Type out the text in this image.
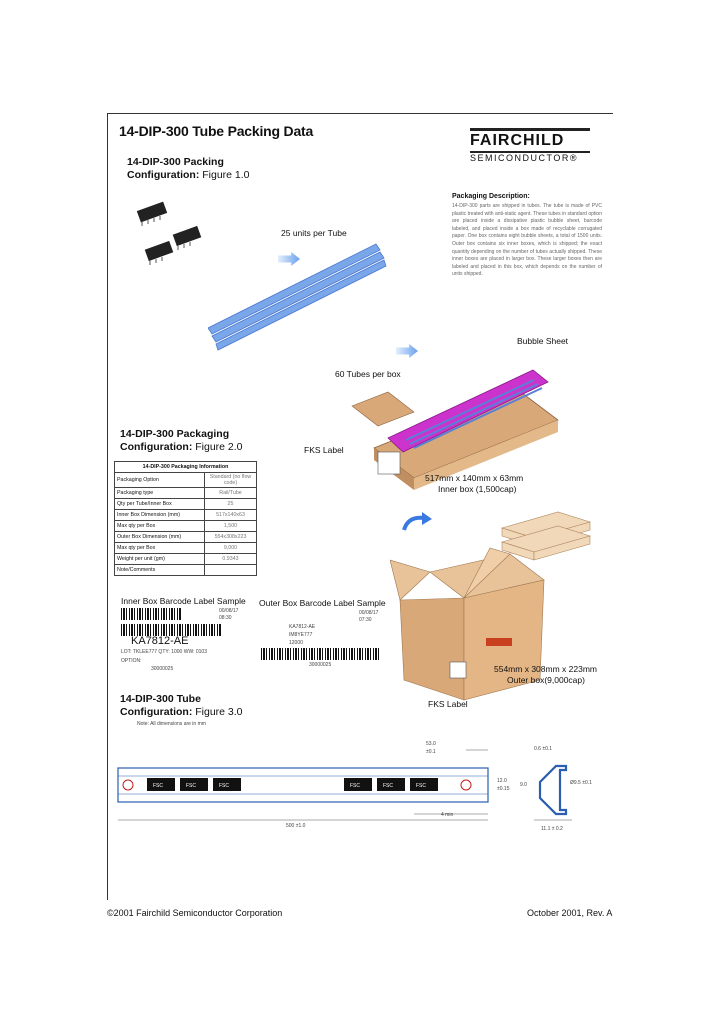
14-DIP-300 Tube Packing Data
FAIRCHILD
SEMICONDUCTOR®
14-DIP-300 Packing
Configuration: Figure 1.0
25 units per Tube
Packaging Description:
14-DIP-300 parts are shipped in tubes. The tube is made of PVC plastic treated with anti-static agent. These tubes in standard option are placed inside a dissipative plastic bubble sheet, barcode labeled, and placed inside a box made of recyclable corrugated paper. One box contains eight bubble sheets, a total of 1500 units. Outer box contains six inner boxes, which is shipped; the exact quantity depending on the number of tubes actually shipped. These inner boxes are placed in larger box. These larger boxes then are labeled and placed in this box, which depends on the number of units shipped.
Bubble Sheet
60 Tubes per box
FKS Label
517mm x 140mm x 63mm
Inner box (1,500cap)
14-DIP-300 Packaging
Configuration: Figure 2.0
14-DIP-300 Packaging Information	
Packaging Option	Standard (no flow code)
Packaging type	Rail/Tube
Qty per Tube/Inner Box	25
Inner Box Dimension (mm)	517x140x63
Max qty per Box	1,500
Outer Box Dimension (mm)	554x308x223
Max qty per Box	9,000
Weight per unit (gm)	0.9343
Note/Comments	
554mm x 308mm x 223mm
Outer box(9,000cap)
FKS Label
Inner Box Barcode Label Sample
00/08/17
08:30
KA7812-AE
LOT: TKLEE777 QTY: 1000 WW: 0103
OPTION:
30000025
Outer Box Barcode Label Sample
00/08/17
07:30
KA7812-AE
IM8YE777
12000
30000025
14-DIP-300 Tube
Configuration: Figure 3.0
Note: All dimensions are in mm
FSC	FSC	FSC	FSC	FSC	FSC
500 ±1.0
53.0
±0.1
12.0
±0.15
4 min
0.6 ±0.1
Ø9.5 ±0.1
9.0
11.1 ± 0.2
©2001 Fairchild Semiconductor Corporation	October 2001, Rev. A
